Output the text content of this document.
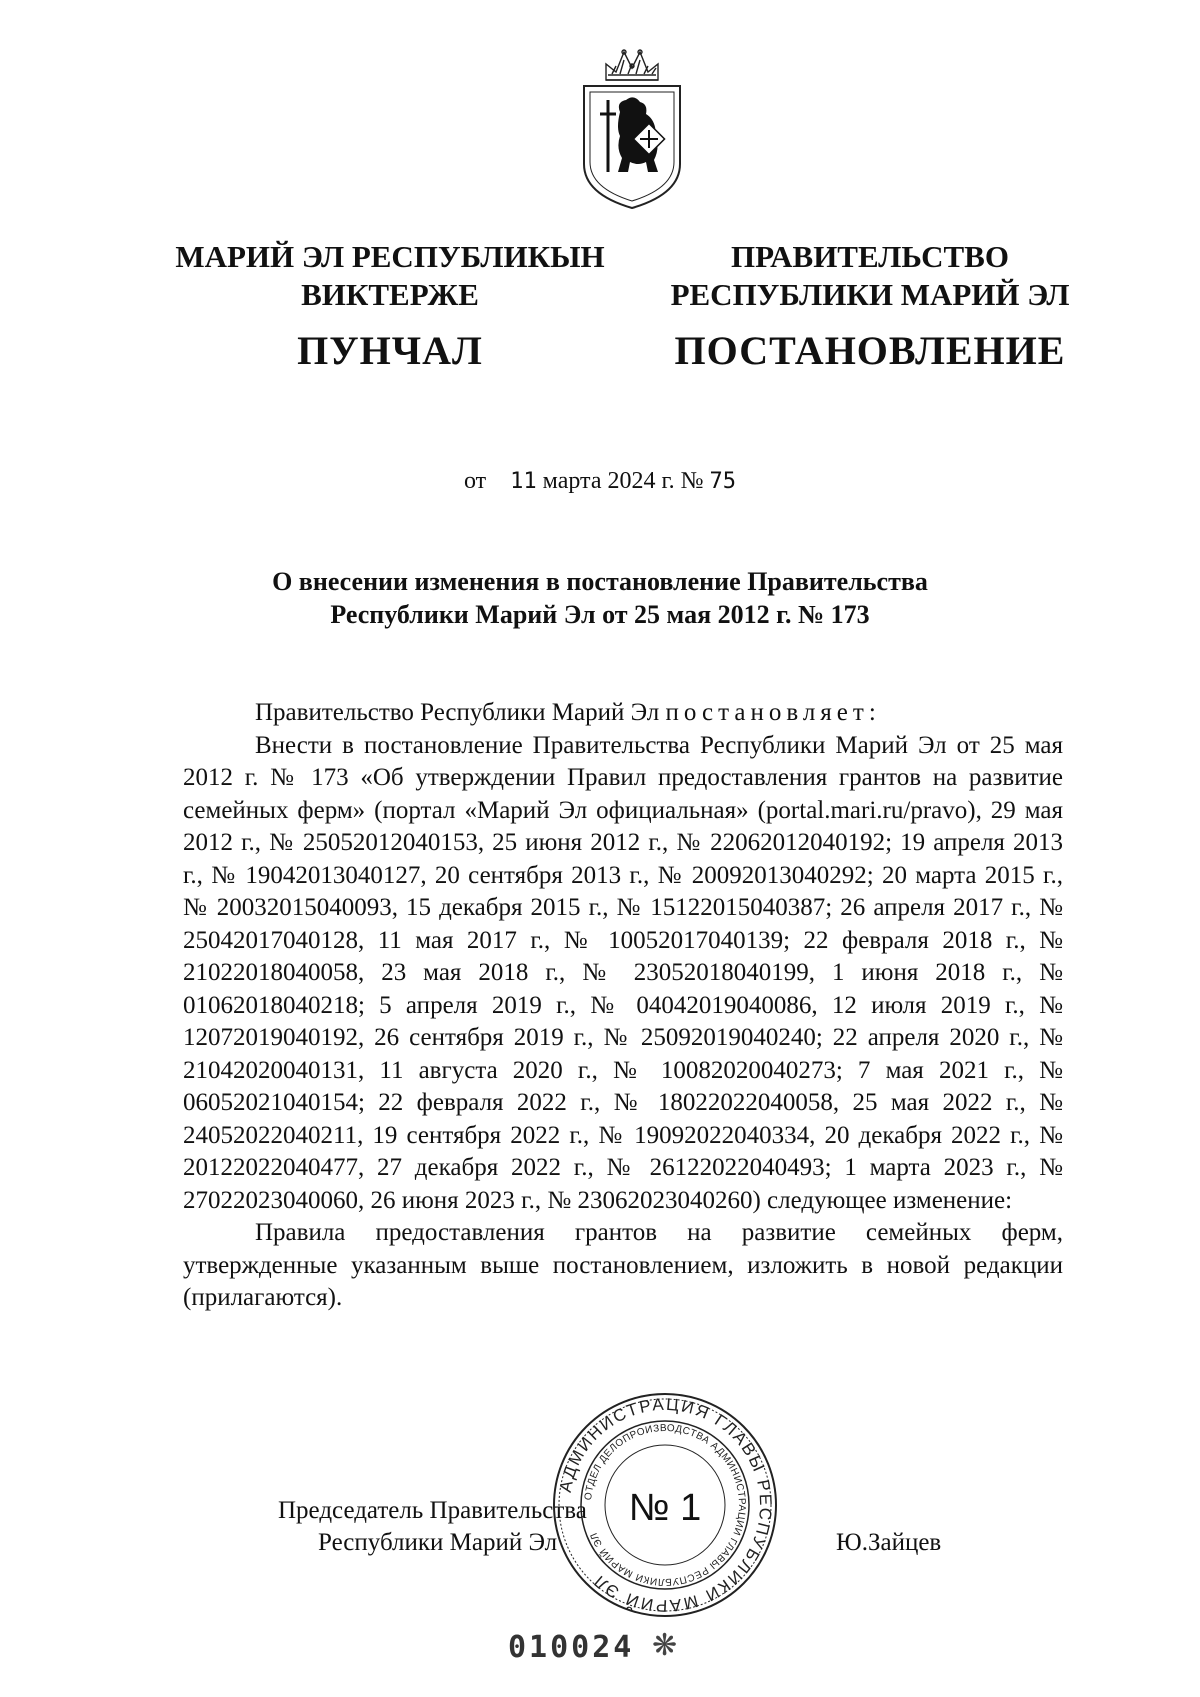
МАРИЙ ЭЛ РЕСПУБЛИКЫН
ВИКТЕРЖЕ
ПУНЧАЛ
ПРАВИТЕЛЬСТВО
РЕСПУБЛИКИ МАРИЙ ЭЛ
ПОСТАНОВЛЕНИЕ
от 11 марта 2024 г. № 75
О внесении изменения в постановление Правительства
Республики Марий Эл от 25 мая 2012 г. № 173

Правительство Республики Марий Эл постановляет:

Внести в постановление Правительства Республики Марий Эл от 25 мая 2012 г. № 173 «Об утверждении Правил предоставления грантов на развитие семейных ферм» (портал «Марий Эл официальная» (portal.mari.ru/pravo), 29 мая 2012 г., № 25052012040153, 25 июня 2012 г., № 22062012040192; 19 апреля 2013 г., № 19042013040127, 20 сентября 2013 г., № 20092013040292; 20 марта 2015 г., № 20032015040093, 15 декабря 2015 г., № 15122015040387; 26 апреля 2017 г., № 25042017040128, 11 мая 2017 г., № 10052017040139; 22 февраля 2018 г., № 21022018040058, 23 мая 2018 г., № 23052018040199, 1 июня 2018 г., № 01062018040218; 5 апреля 2019 г., № 04042019040086, 12 июля 2019 г., № 12072019040192, 26 сентября 2019 г., № 25092019040240; 22 апреля 2020 г., № 21042020040131, 11 августа 2020 г., № 10082020040273; 7 мая 2021 г., № 06052021040154; 22 февраля 2022 г., № 18022022040058, 25 мая 2022 г., № 24052022040211, 19 сентября 2022 г., № 19092022040334, 20 декабря 2022 г., № 20122022040477, 27 декабря 2022 г., № 26122022040493; 1 марта 2023 г., № 27022023040060, 26 июня 2023 г., № 23062023040260) следующее изменение:

Правила предоставления грантов на развитие семейных ферм, утвержденные указанным выше постановлением, изложить в новой редакции (прилагаются).

Председатель Правительства
Республики Марий Эл	Ю.Зайцев
АДМИНИСТРАЦИЯ ГЛАВЫ РЕСПУБЛИКИ МАРИЙ ЭЛ
ОТДЕЛ ДЕЛОПРОИЗВОДСТВА АДМИНИСТРАЦИИ ГЛАВЫ РЕСПУБЛИКИ МАРИЙ ЭЛ
№ 1
010024 ❋
